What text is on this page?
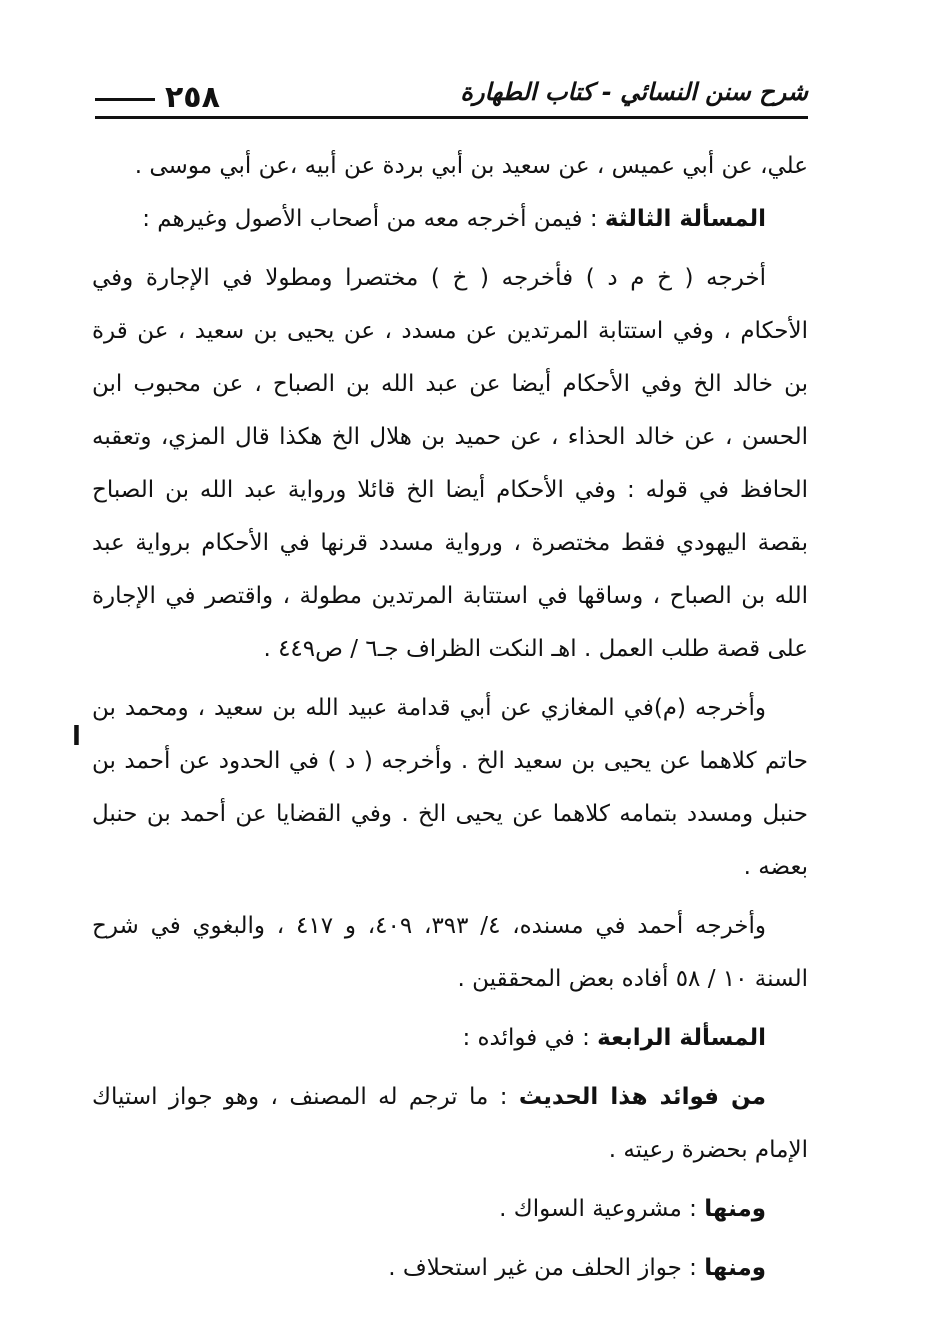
٢٥٨	شرح سنن النسائي - كتاب الطهارة
ا

علي، عن أبي عميس ، عن سعيد بن أبي بردة عن أبيه ،عن أبي موسى .

المسألة الثالثة : فيمن أخرجه معه من أصحاب الأصول وغيرهم :

أخرجه ( خ م د ) فأخرجه ( خ ) مختصرا ومطولا في الإجارة وفي الأحكام ، وفي استتابة المرتدين عن مسدد ، عن يحيى بن سعيد ، عن قرة بن خالد الخ وفي الأحكام أيضا عن عبد الله بن الصباح ، عن محبوب ابن الحسن ، عن خالد الحذاء ، عن حميد بن هلال الخ هكذا قال المزي، وتعقبه الحافظ في قوله : وفي الأحكام أيضا الخ قائلا ورواية عبد الله بن الصباح بقصة اليهودي فقط مختصرة ، ورواية مسدد قرنها في الأحكام برواية عبد الله بن الصباح ، وساقها في استتابة المرتدين مطولة ، واقتصر في الإجارة على قصة طلب العمل . اهـ النكت الظراف جـ٦ / ص٤٤٩ .

وأخرجه (م)في المغازي عن أبي قدامة عبيد الله بن سعيد ، ومحمد بن حاتم كلاهما عن يحيى بن سعيد الخ . وأخرجه ( د ) في الحدود عن أحمد بن حنبل ومسدد بتمامه كلاهما عن يحيى الخ . وفي القضايا عن أحمد بن حنبل بعضه .

وأخرجه أحمد في مسنده، ٤/ ٣٩٣، ٤٠٩، و ٤١٧ ، والبغوي في شرح السنة ١٠ / ٥٨ أفاده بعض المحققين .

المسألة الرابعة : في فوائده :

من فوائد هذا الحديث : ما ترجم له المصنف ، وهو جواز استياك الإمام بحضرة رعيته .

ومنها : مشروعية السواك .

ومنها : جواز الحلف من غير استحلاف .
